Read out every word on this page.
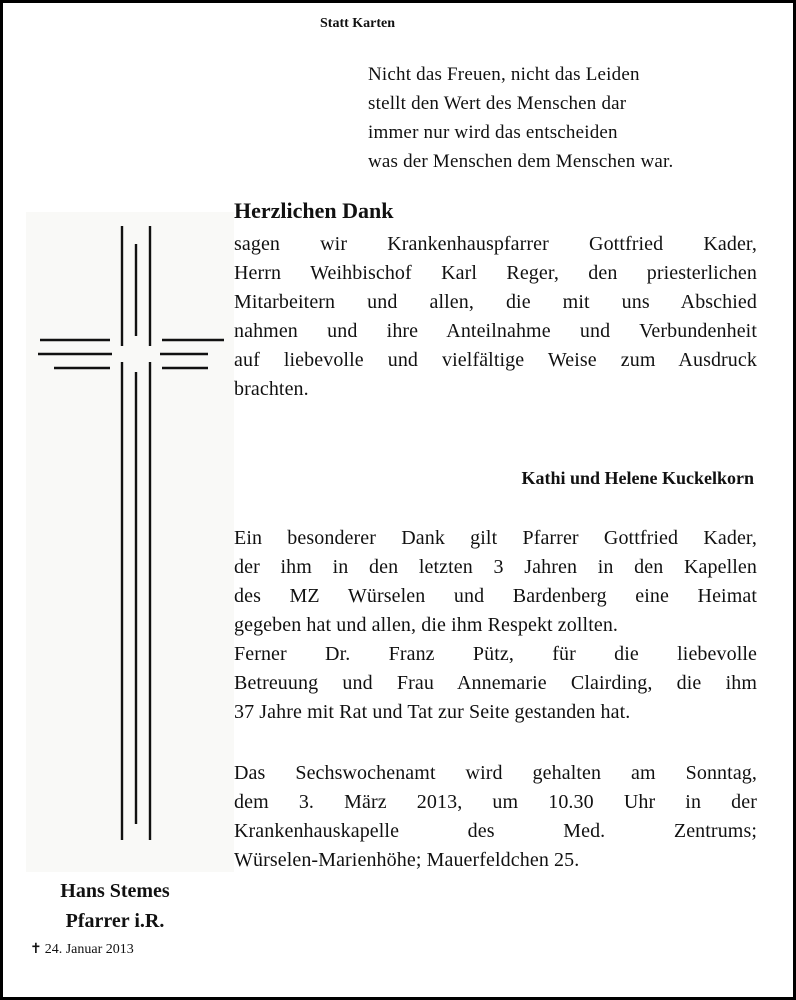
Statt Karten
Nicht das Freuen, nicht das Leiden
stellt den Wert des Menschen dar
immer nur wird das entscheiden
was der Menschen dem Menschen war.
Herzlichen Dank
sagen wir Krankenhauspfarrer Gottfried Kader,
Herrn Weihbischof Karl Reger, den priesterlichen
Mitarbeitern und allen, die mit uns Abschied
nahmen und ihre Anteilnahme und Verbundenheit
auf liebevolle und vielfältige Weise zum Ausdruck
brachten.
Kathi und Helene Kuckelkorn
Ein besonderer Dank gilt Pfarrer Gottfried Kader,
der ihm in den letzten 3 Jahren in den Kapellen
des MZ Würselen und Bardenberg eine Heimat
gegeben hat und allen, die ihm Respekt zollten.
Ferner Dr. Franz Pütz, für die liebevolle
Betreuung und Frau Annemarie Clairding, die ihm
37 Jahre mit Rat und Tat zur Seite gestanden hat.
Das Sechswochenamt wird gehalten am Sonntag,
dem 3. März 2013, um 10.30 Uhr in der
Krankenhauskapelle des Med. Zentrums;
Würselen-Marienhöhe; Mauerfeldchen 25.
Hans Stemes
Pfarrer i.R.
✝ 24. Januar 2013
